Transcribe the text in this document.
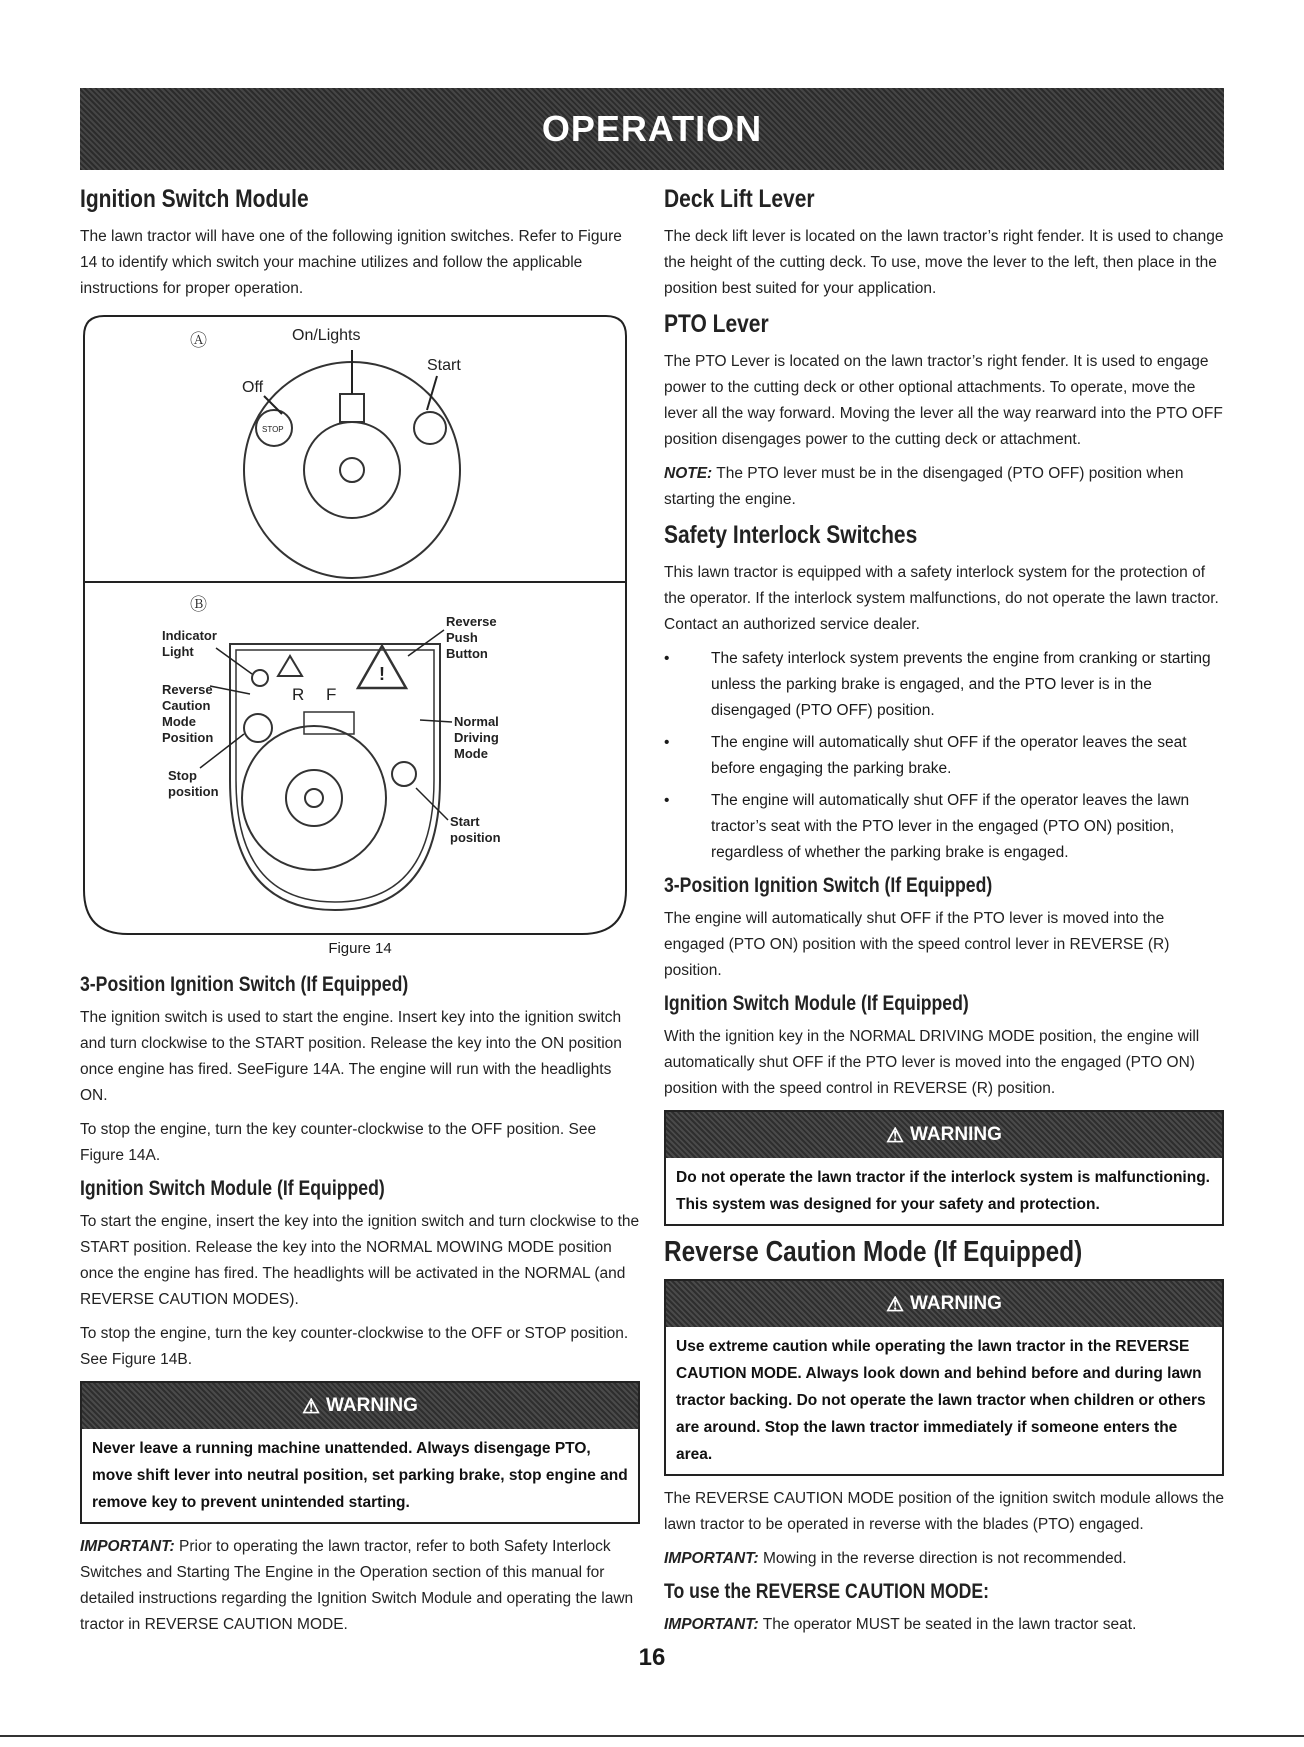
OPERATION
Ignition Switch Module

The lawn tractor will have one of the following ignition switches. Refer to Figure 14 to identify which switch your machine utilizes and follow the applicable instructions for proper operation.

Ⓐ	On/Lights
Off
Start
STOP
Ⓑ
Indicator
Light
Reverse
Caution
Mode
Position
Stop
position
Reverse
Push
Button
Normal
Driving
Mode
Start
position
!
R F
Figure 14
3-Position Ignition Switch (If Equipped)

The ignition switch is used to start the engine. Insert key into the ignition switch and turn clockwise to the START position. Release the key into the ON position once engine has fired. SeeFigure 14A. The engine will run with the headlights ON.

To stop the engine, turn the key counter-clockwise to the OFF position. See Figure 14A.

Ignition Switch Module (If Equipped)

To start the engine, insert the key into the ignition switch and turn clockwise to the START position. Release the key into the NORMAL MOWING MODE position once the engine has fired. The headlights will be activated in the NORMAL (and REVERSE CAUTION MODES).

To stop the engine, turn the key counter-clockwise to the OFF or STOP position. See Figure 14B.

⚠ WARNING
Never leave a running machine unattended. Always disengage PTO, move shift lever into neutral position, set parking brake, stop engine and remove key to prevent unintended starting.

IMPORTANT: Prior to operating the lawn tractor, refer to both Safety Interlock Switches and Starting The Engine in the Operation section of this manual for detailed instructions regarding the Ignition Switch Module and operating the lawn tractor in REVERSE CAUTION MODE.

Deck Lift Lever

The deck lift lever is located on the lawn tractor’s right fender. It is used to change the height of the cutting deck. To use, move the lever to the left, then place in the position best suited for your application.

PTO Lever

The PTO Lever is located on the lawn tractor’s right fender. It is used to engage power to the cutting deck or other optional attachments. To operate, move the lever all the way forward. Moving the lever all the way rearward into the PTO OFF position disengages power to the cutting deck or attachment.

NOTE: The PTO lever must be in the disengaged (PTO OFF) position when starting the engine.

Safety Interlock Switches

This lawn tractor is equipped with a safety interlock system for the protection of the operator. If the interlock system malfunctions, do not operate the lawn tractor. Contact an authorized service dealer.

•	The safety interlock system prevents the engine from cranking or starting unless the parking brake is engaged, and the PTO lever is in the disengaged (PTO OFF) position.
•	The engine will automatically shut OFF if the operator leaves the seat before engaging the parking brake.
•	The engine will automatically shut OFF if the operator leaves the lawn tractor’s seat with the PTO lever in the engaged (PTO ON) position, regardless of whether the parking brake is engaged.
3-Position Ignition Switch (If Equipped)

The engine will automatically shut OFF if the PTO lever is moved into the engaged (PTO ON) position with the speed control lever in REVERSE (R) position.

Ignition Switch Module (If Equipped)

With the ignition key in the NORMAL DRIVING MODE position, the engine will automatically shut OFF if the PTO lever is moved into the engaged (PTO ON) position with the speed control in REVERSE (R) position.

⚠ WARNING
Do not operate the lawn tractor if the interlock system is malfunctioning. This system was designed for your safety and protection.
Reverse Caution Mode (If Equipped)
⚠ WARNING
Use extreme caution while operating the lawn tractor in the REVERSE CAUTION MODE. Always look down and behind before and during lawn tractor backing. Do not operate the lawn tractor when children or others are around. Stop the lawn tractor immediately if someone enters the area.

The REVERSE CAUTION MODE position of the ignition switch module allows the lawn tractor to be operated in reverse with the blades (PTO) engaged.

IMPORTANT: Mowing in the reverse direction is not recommended.

To use the REVERSE CAUTION MODE:

IMPORTANT: The operator MUST be seated in the lawn tractor seat.

16
